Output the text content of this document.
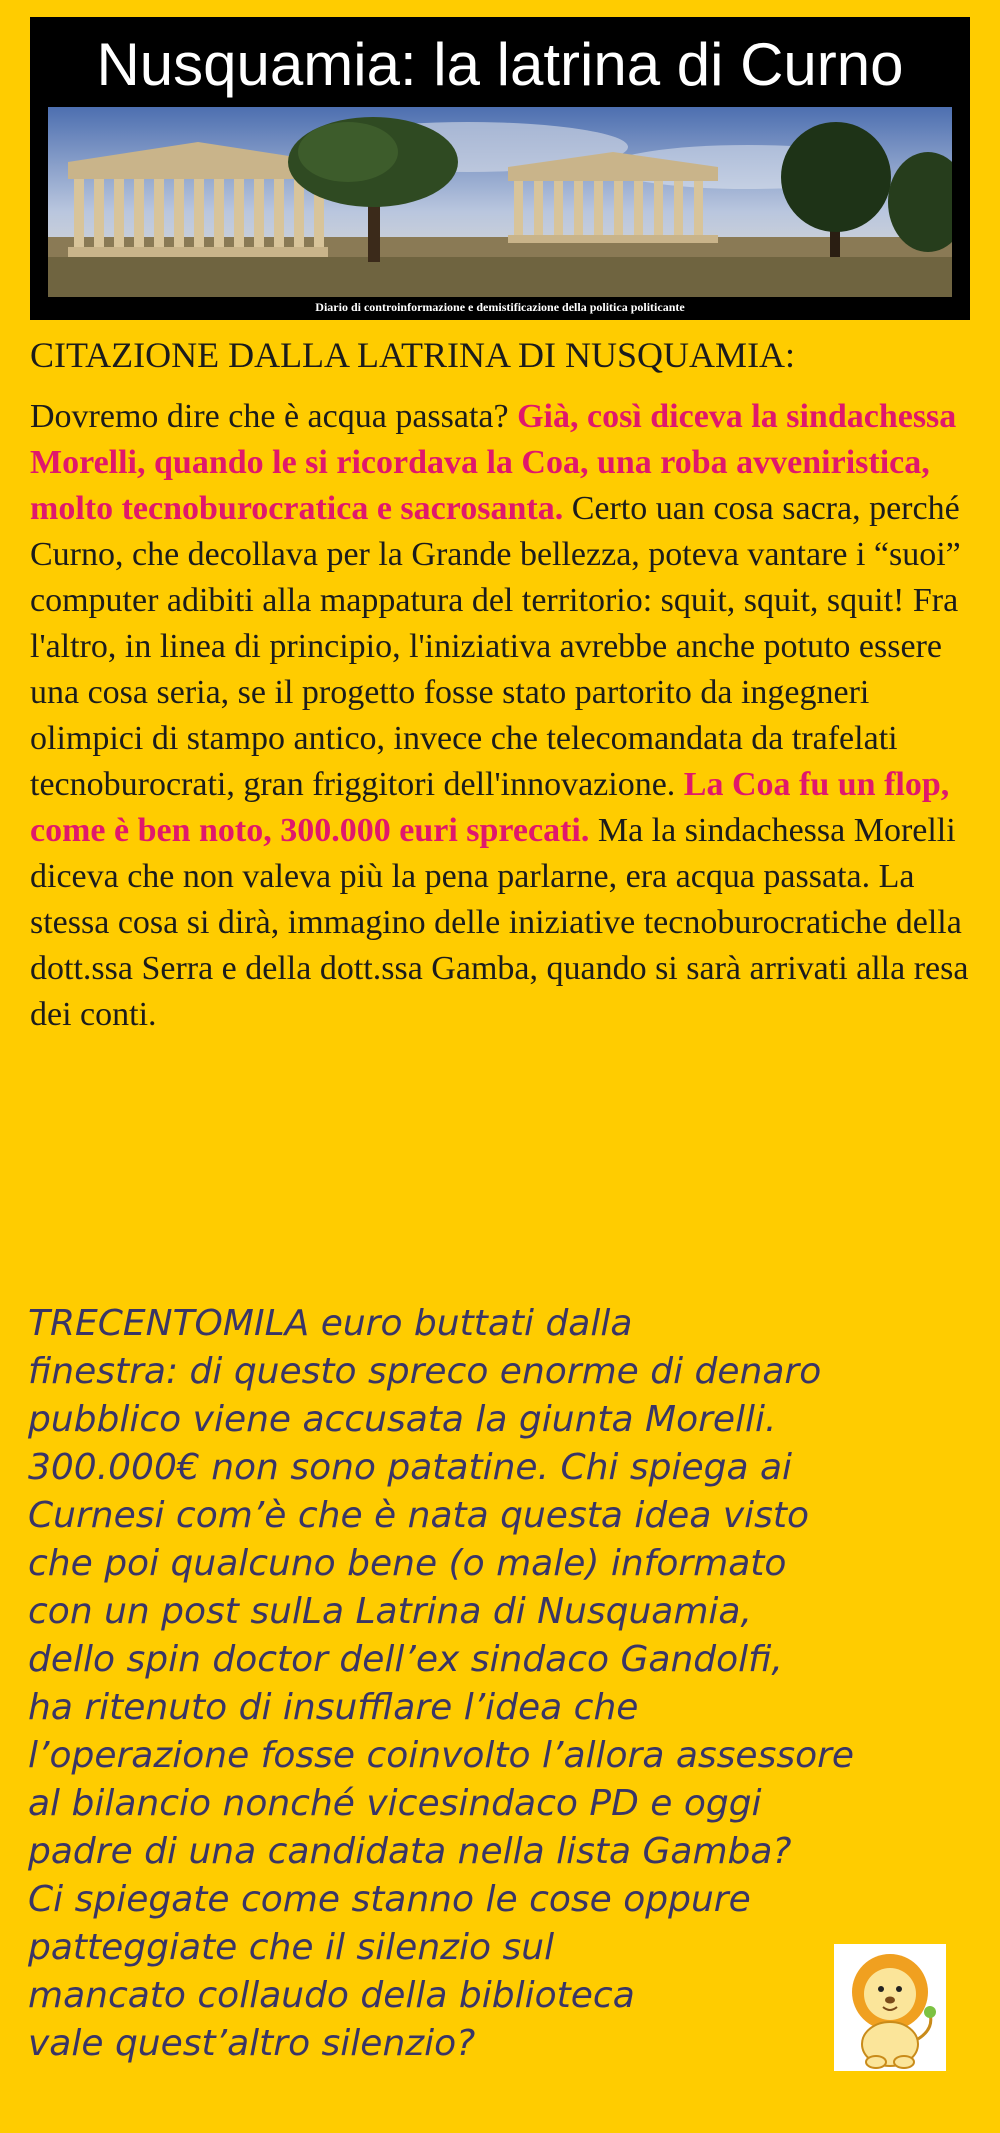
Nusquamia: la latrina di Curno
Diario di controinformazione e demistificazione della politica politicante
CITAZIONE DALLA LATRINA DI NUSQUAMIA:
Dovremo dire che è acqua passata? Già, così diceva la sindachessa Morelli, quando le si ricordava la Coa, una roba avveniristica, molto tecnoburocratica e sacrosanta. Certo uan cosa sacra, perché Curno, che decollava per la Grande bellezza, poteva vantare i “suoi” computer adibiti alla mappatura del territorio: squit, squit, squit! Fra l'altro, in linea di principio, l'iniziativa avrebbe anche potuto essere una cosa seria, se il progetto fosse stato partorito da ingegneri olimpici di stampo antico, invece che telecomandata da trafelati tecnoburocrati, gran friggitori dell'innovazione. La Coa fu un flop, come è ben noto, 300.000 euri sprecati. Ma la sindachessa Morelli diceva che non valeva più la pena parlarne, era acqua passata. La stessa cosa si dirà, immagino delle iniziative tecnoburocratiche della dott.ssa Serra e della dott.ssa Gamba, quando si sarà arrivati alla resa dei conti.
TRECENTOMILA euro buttati dalla
finestra: di questo spreco enorme di denaro
pubblico viene accusata la giunta Morelli.
300.000€ non sono patatine. Chi spiega ai
Curnesi com’è che è nata questa idea visto
che poi qualcuno bene (o male) informato
con un post sulLa Latrina di Nusquamia,
dello spin doctor dell’ex sindaco Gandolfi,
ha ritenuto di insufflare l’idea che
l’operazione fosse coinvolto l’allora assessore
al bilancio nonché vicesindaco PD e oggi
padre di una candidata nella lista Gamba?
Ci spiegate come stanno le cose oppure
patteggiate che il silenzio sul
mancato collaudo della biblioteca
vale quest’altro silenzio?
